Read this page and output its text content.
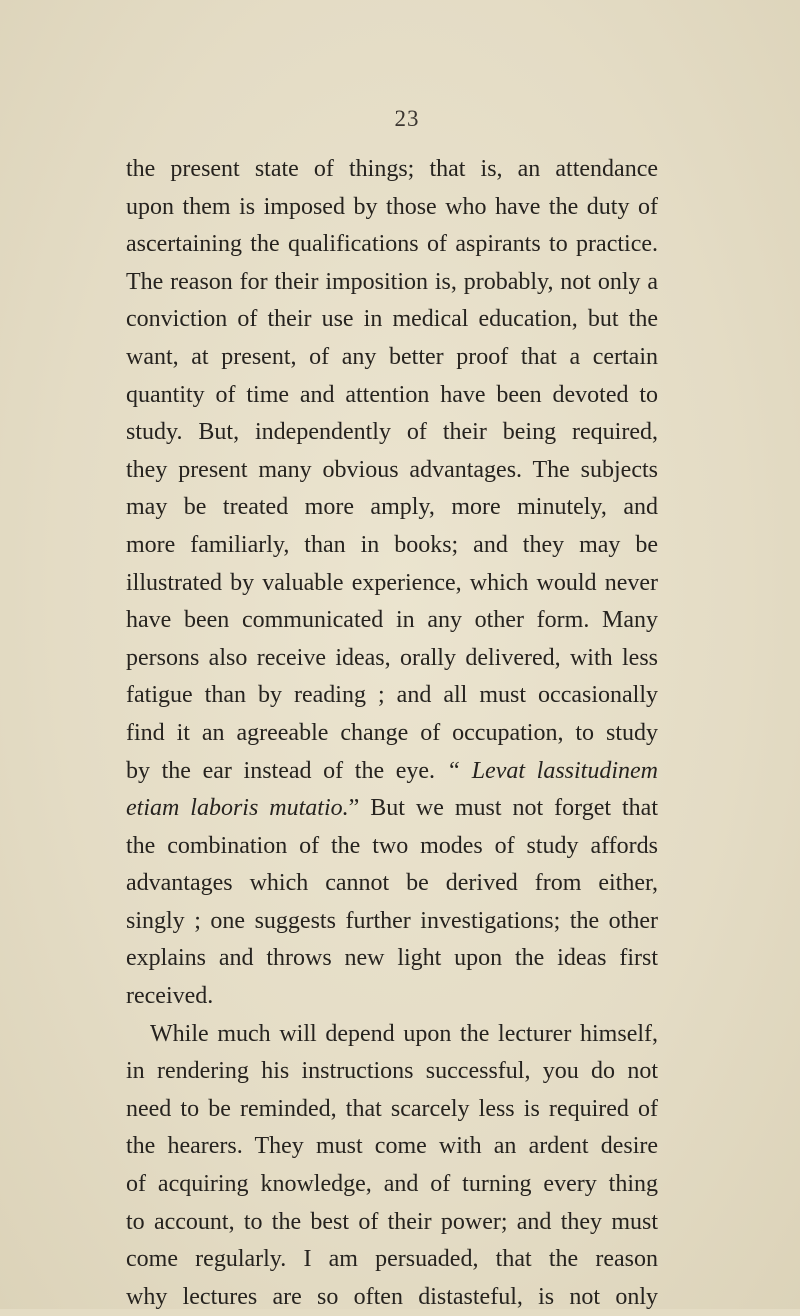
23
the present state of things; that is, an attendance
upon them is imposed by those who have the duty of
ascertaining the qualifications of aspirants to practice.
The reason for their imposition is, probably, not only a
conviction of their use in medical education, but the
want, at present, of any better proof that a certain
quantity of time and attention have been devoted to
study. But, independently of their being required,
they present many obvious advantages. The subjects
may be treated more amply, more minutely, and
more familiarly, than in books; and they may be
illustrated by valuable experience, which would never
have been communicated in any other form. Many
persons also receive ideas, orally delivered, with less
fatigue than by reading ; and all must occasionally
find it an agreeable change of occupation, to study
by the ear instead of the eye. “ Levat lassitudinem
etiam laboris mutatio.” But we must not forget that
the combination of the two modes of study affords
advantages which cannot be derived from either,
singly ; one suggests further investigations; the other
explains and throws new light upon the ideas first
received.
While much will depend upon the lecturer himself,
in rendering his instructions successful, you do not
need to be reminded, that scarcely less is required of
the hearers. They must come with an ardent desire
of acquiring knowledge, and of turning every thing
to account, to the best of their power; and they must
come regularly. I am persuaded, that the reason
why lectures are so often distasteful, is not only
